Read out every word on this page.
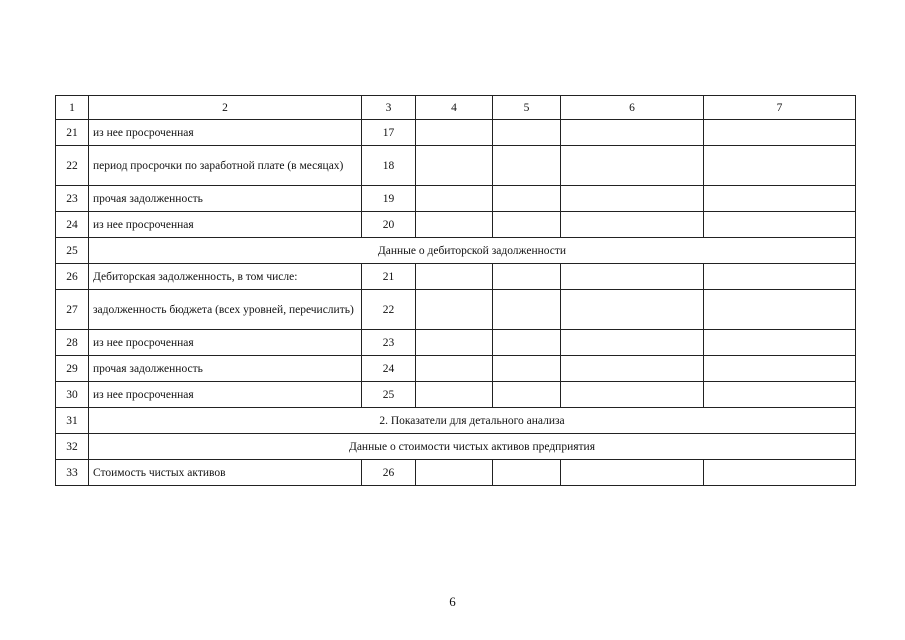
1	2	3	4	5	6	7
21	из нее просроченная	17				
22	период просрочки по заработной плате (в месяцах)	18				
23	прочая задолженность	19				
24	из нее просроченная	20				
25	Данные о дебиторской задолженности					
26	Дебиторская задолженность, в том числе:	21				
27	задолженность бюджета (всех уровней, перечислить)	22				
28	из нее просроченная	23				
29	прочая задолженность	24				
30	из нее просроченная	25				
31	2. Показатели для детального анализа					
32	Данные о стоимости чистых активов предприятия					
33	Стоимость чистых активов	26				
6
